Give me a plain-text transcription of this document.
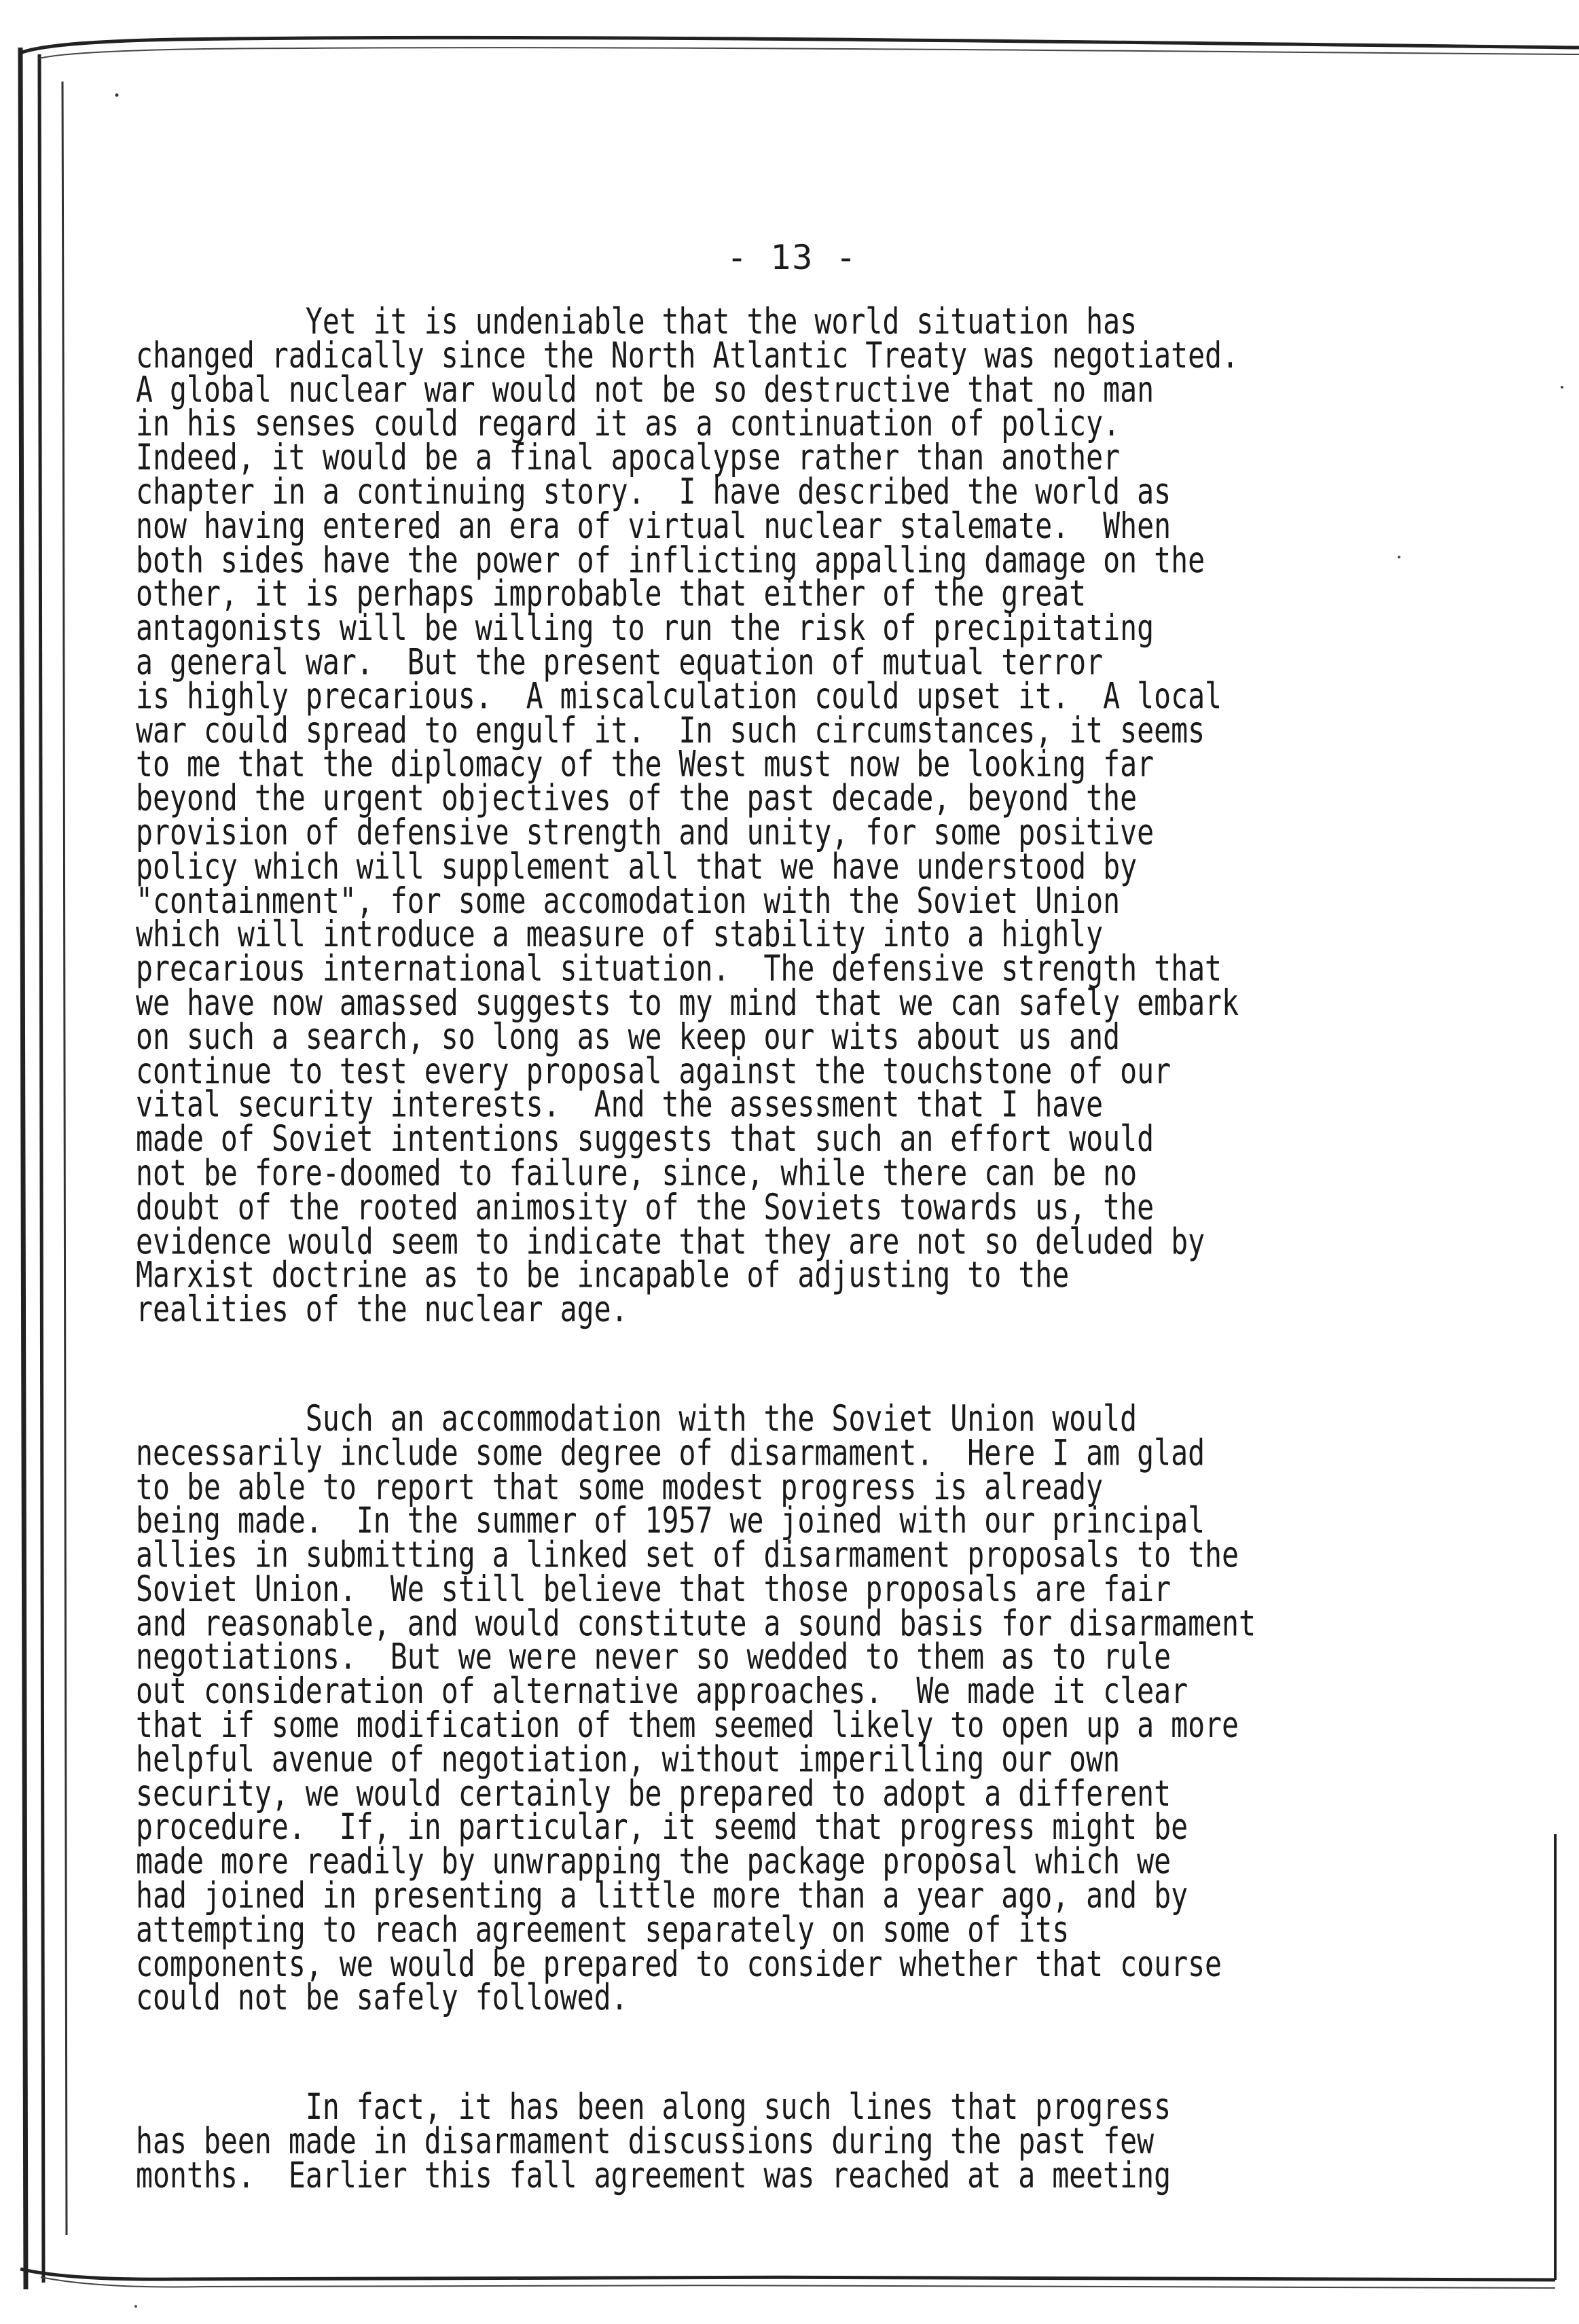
- 13 -

Yet it is undeniable that the world situation has
changed radically since the North Atlantic Treaty was negotiated.
A global nuclear war would not be so destructive that no man
in his senses could regard it as a continuation of policy.
Indeed, it would be a final apocalypse rather than another
chapter in a continuing story.  I have described the world as
now having entered an era of virtual nuclear stalemate.  When
both sides have the power of inflicting appalling damage on the
other, it is perhaps improbable that either of the great
antagonists will be willing to run the risk of precipitating
a general war.  But the present equation of mutual terror
is highly precarious.  A miscalculation could upset it.  A local
war could spread to engulf it.  In such circumstances, it seems
to me that the diplomacy of the West must now be looking far
beyond the urgent objectives of the past decade, beyond the
provision of defensive strength and unity, for some positive
policy which will supplement all that we have understood by
"containment", for some accomodation with the Soviet Union
which will introduce a measure of stability into a highly
precarious international situation.  The defensive strength that
we have now amassed suggests to my mind that we can safely embark
on such a search, so long as we keep our wits about us and
continue to test every proposal against the touchstone of our
vital security interests.  And the assessment that I have
made of Soviet intentions suggests that such an effort would
not be fore-doomed to failure, since, while there can be no
doubt of the rooted animosity of the Soviets towards us, the
evidence would seem to indicate that they are not so deluded by
Marxist doctrine as to be incapable of adjusting to the
realities of the nuclear age.

Such an accommodation with the Soviet Union would
necessarily include some degree of disarmament.  Here I am glad
to be able to report that some modest progress is already
being made.  In the summer of 1957 we joined with our principal
allies in submitting a linked set of disarmament proposals to the
Soviet Union.  We still believe that those proposals are fair
and reasonable, and would constitute a sound basis for disarmament
negotiations.  But we were never so wedded to them as to rule
out consideration of alternative approaches.  We made it clear
that if some modification of them seemed likely to open up a more
helpful avenue of negotiation, without imperilling our own
security, we would certainly be prepared to adopt a different
procedure.  If, in particular, it seemd that progress might be
made more readily by unwrapping the package proposal which we
had joined in presenting a little more than a year ago, and by
attempting to reach agreement separately on some of its
components, we would be prepared to consider whether that course
could not be safely followed.

In fact, it has been along such lines that progress
has been made in disarmament discussions during the past few
months.  Earlier this fall agreement was reached at a meeting
